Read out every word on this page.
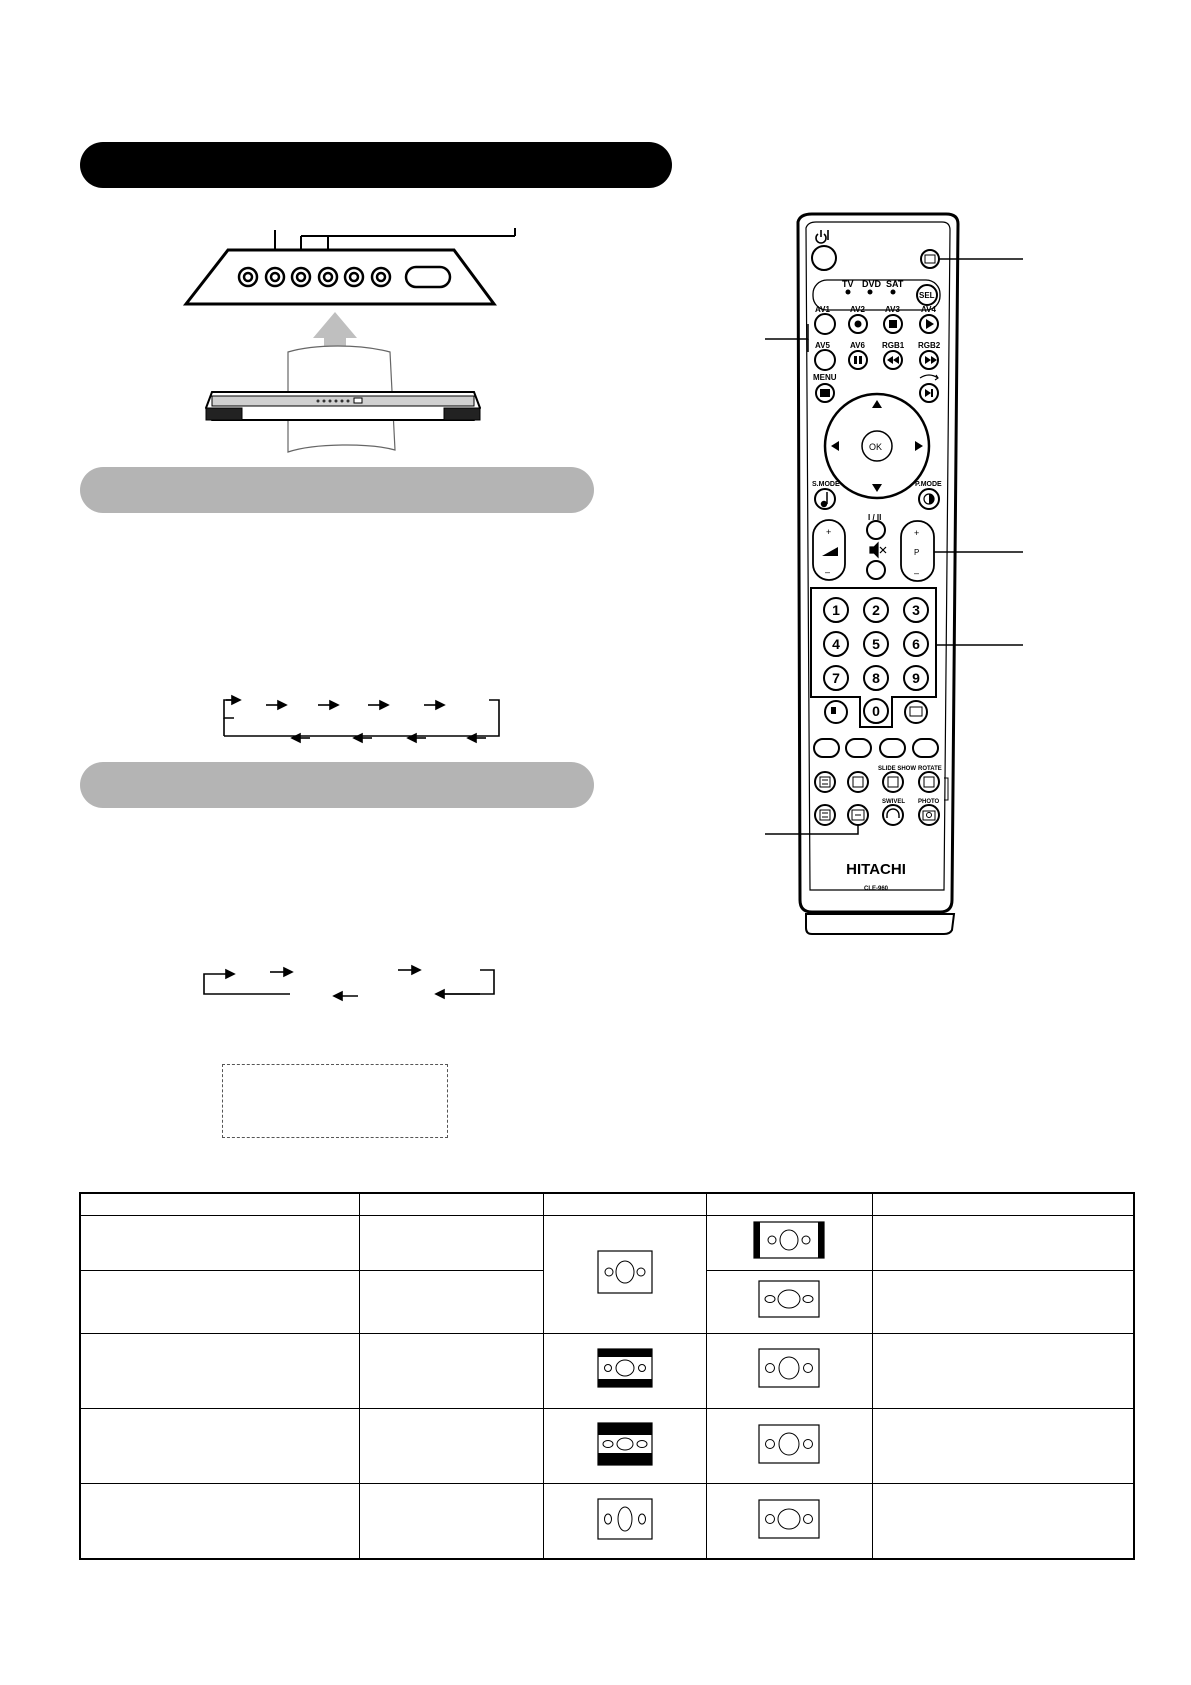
TV DVD SAT
SEL
AV1	AV2	AV3	AV4
AV5	AV6 RGB1 RGB2
MENU
OK
S.MODE	P.MODE
I / II
+
–
+
P
–
1 2 3
4 5 6
7 8 9
0
SLIDE SHOW ROTATE
SWIVEL PHOTO
HITACHI
CLE-960
